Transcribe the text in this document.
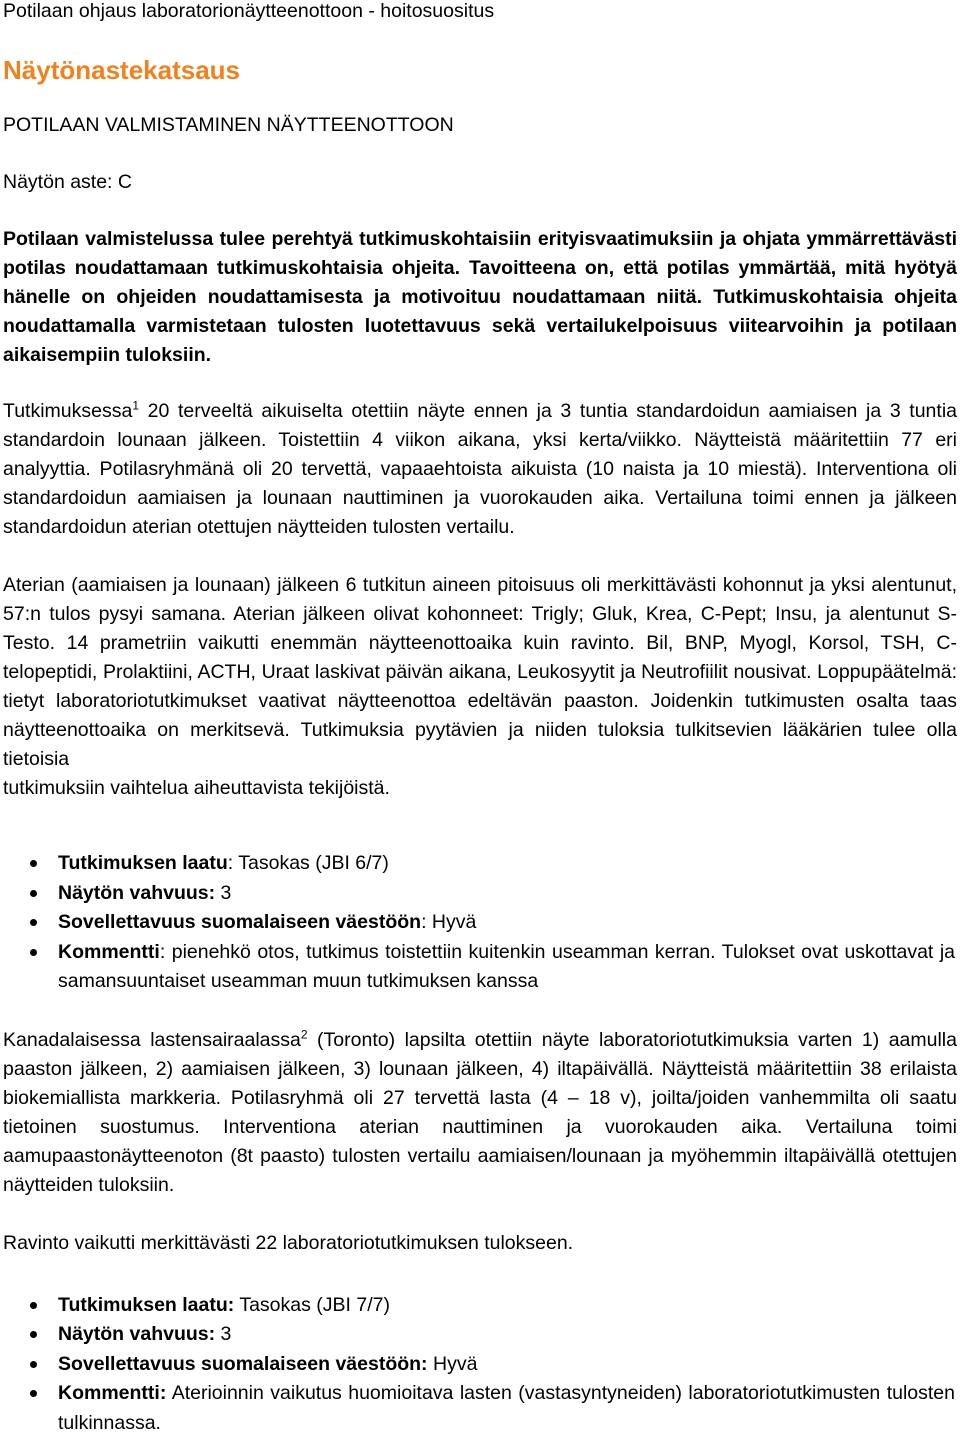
Potilaan ohjaus laboratorionäytteenottoon - hoitosuositus
Näytönastekatsaus
POTILAAN VALMISTAMINEN NÄYTTEENOTTOON
Näytön aste: C

Potilaan valmistelussa tulee perehtyä tutkimuskohtaisiin erityisvaatimuksiin ja ohjata ymmärrettävästi potilas noudattamaan tutkimuskohtaisia ohjeita. Tavoitteena on, että potilas ymmärtää, mitä hyötyä hänelle on ohjeiden noudattamisesta ja motivoituu noudattamaan niitä. Tutkimuskohtaisia ohjeita noudattamalla varmistetaan tulosten luotettavuus sekä vertailukelpoisuus viitearvoihin ja potilaan aikaisempiin tuloksiin.

Tutkimuksessa$^1$ 20 terveeltä aikuiselta otettiin näyte ennen ja 3 tuntia standardoidun aamiaisen ja 3 tuntia standardoin lounaan jälkeen. Toistettiin 4 viikon aikana, yksi kerta/viikko. Näytteistä määritettiin 77 eri analyyttia. Potilasryhmänä oli 20 tervettä, vapaaehtoista aikuista (10 naista ja 10 miestä). Interventiona oli standardoidun aamiaisen ja lounaan nauttiminen ja vuorokauden aika. Vertailuna toimi ennen ja jälkeen standardoidun aterian otettujen näytteiden tulosten vertailu.

Aterian (aamiaisen ja lounaan) jälkeen 6 tutkitun aineen pitoisuus oli merkittävästi kohonnut ja yksi alentunut, 57:n tulos pysyi samana. Aterian jälkeen olivat kohonneet: Trigly; Gluk, Krea, C-Pept; Insu, ja alentunut S-Testo. 14 prametriin vaikutti enemmän näytteenottoaika kuin ravinto. Bil, BNP, Myogl, Korsol, TSH, C-telopeptidi, Prolaktiini, ACTH, Uraat laskivat päivän aikana, Leukosyytit ja Neutrofiilit nousivat. Loppupäätelmä: tietyt laboratoriotutkimukset vaativat näytteenottoa edeltävän paaston. Joidenkin tutkimusten osalta taas näytteenottoaika on merkitsevä. Tutkimuksia pyytävien ja niiden tuloksia tulkitsevien lääkärien tulee olla tietoisia
tutkimuksiin vaihtelua aiheuttavista tekijöistä.

Tutkimuksen laatu: Tasokas (JBI 6/7)
Näytön vahvuus: 3
Sovellettavuus suomalaiseen väestöön: Hyvä
Kommentti: pienehkö otos, tutkimus toistettiin kuitenkin useamman kerran. Tulokset ovat uskottavat ja samansuuntaiset useamman muun tutkimuksen kanssa

Kanadalaisessa lastensairaalassa$^2$ (Toronto) lapsilta otettiin näyte laboratoriotutkimuksia varten 1) aamulla paaston jälkeen, 2) aamiaisen jälkeen, 3) lounaan jälkeen, 4) iltapäivällä. Näytteistä määritettiin 38 erilaista biokemiallista markkeria. Potilasryhmä oli 27 tervettä lasta (4 – 18 v), joilta/joiden vanhemmilta oli saatu tietoinen suostumus. Interventiona aterian nauttiminen ja vuorokauden aika. Vertailuna toimi aamupaastonäytteenoton (8t paasto) tulosten vertailu aamiaisen/lounaan ja myöhemmin iltapäivällä otettujen näytteiden tuloksiin.

Ravinto vaikutti merkittävästi 22 laboratoriotutkimuksen tulokseen.

Tutkimuksen laatu: Tasokas (JBI 7/7)
Näytön vahvuus: 3
Sovellettavuus suomalaiseen väestöön: Hyvä
Kommentti: Aterioinnin vaikutus huomioitava lasten (vastasyntyneiden) laboratoriotutkimusten tulosten tulkinnassa.
